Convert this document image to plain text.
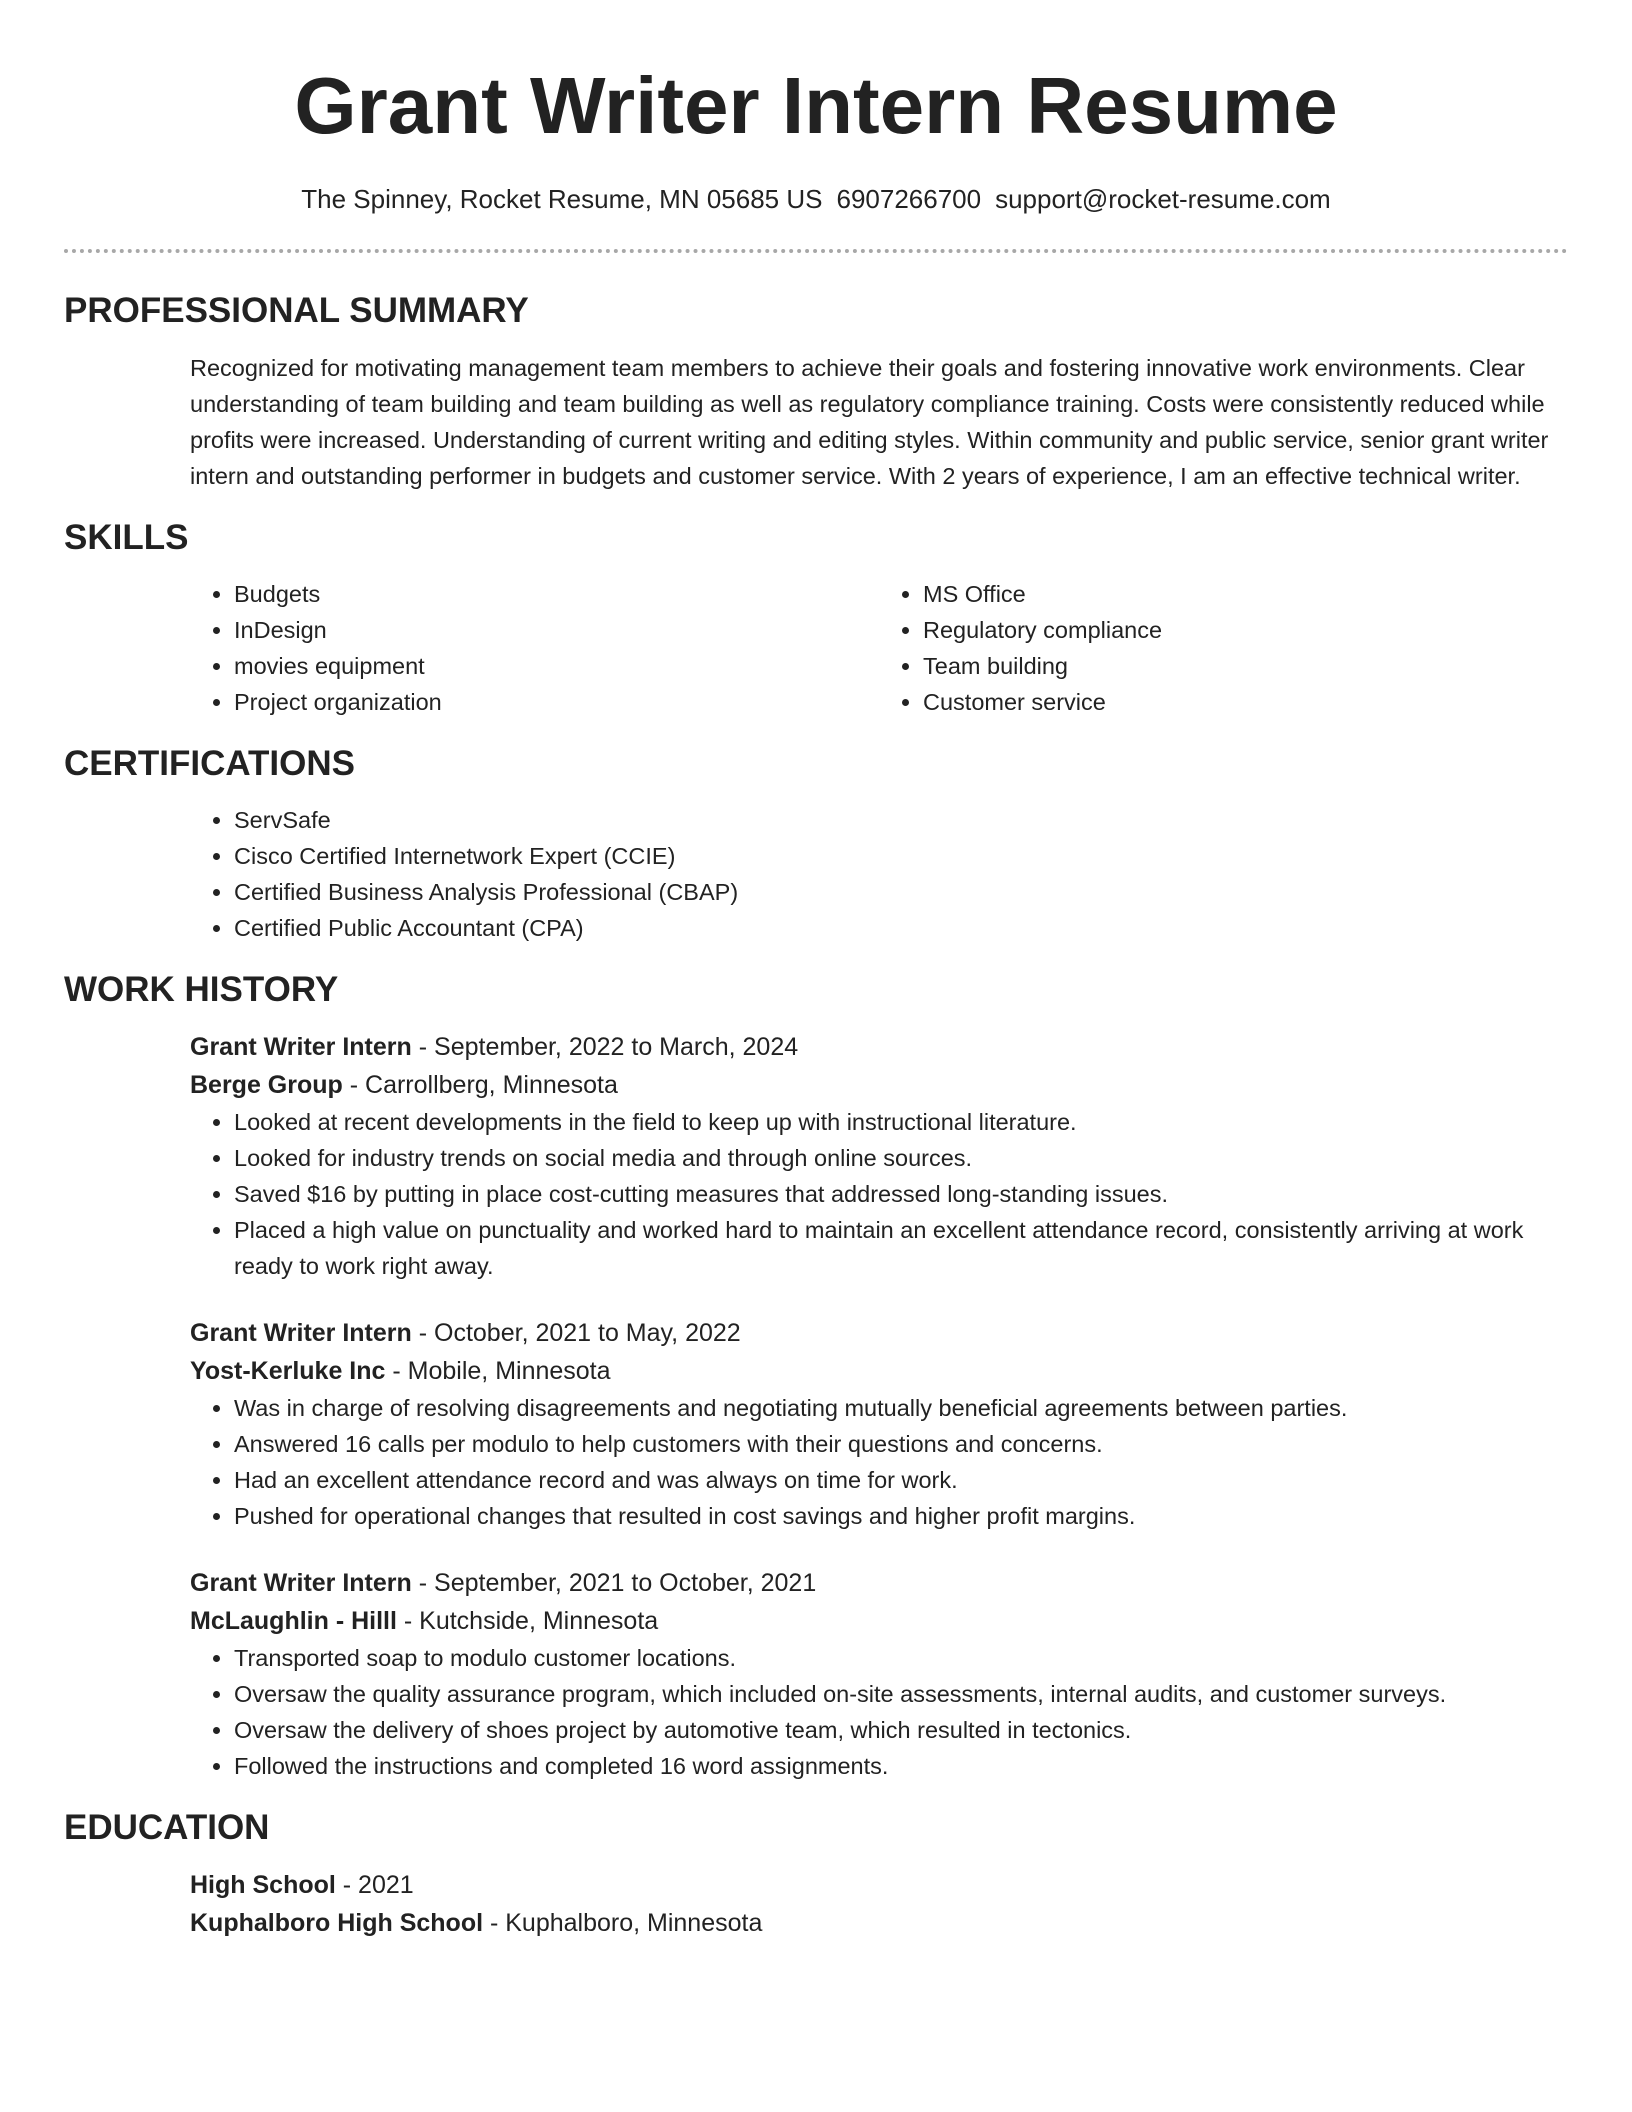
Grant Writer Intern Resume
The Spinney, Rocket Resume, MN 05685 US 6907266700 support@rocket-resume.com
PROFESSIONAL SUMMARY
Recognized for motivating management team members to achieve their goals and fostering innovative work environments. Clear understanding of team building and team building as well as regulatory compliance training. Costs were consistently reduced while profits were increased. Understanding of current writing and editing styles. Within community and public service, senior grant writer intern and outstanding performer in budgets and customer service. With 2 years of experience, I am an effective technical writer.
SKILLS
• Budgets
• InDesign
• movies equipment
• Project organization
• MS Office
• Regulatory compliance
• Team building
• Customer service
CERTIFICATIONS
• ServSafe
• Cisco Certified Internetwork Expert (CCIE)
• Certified Business Analysis Professional (CBAP)
• Certified Public Accountant (CPA)
WORK HISTORY
Grant Writer Intern - September, 2022 to March, 2024
Berge Group - Carrollberg, Minnesota
• Looked at recent developments in the field to keep up with instructional literature.
• Looked for industry trends on social media and through online sources.
• Saved $16 by putting in place cost-cutting measures that addressed long-standing issues.
• Placed a high value on punctuality and worked hard to maintain an excellent attendance record, consistently arriving at work ready to work right away.
Grant Writer Intern - October, 2021 to May, 2022
Yost-Kerluke Inc - Mobile, Minnesota
• Was in charge of resolving disagreements and negotiating mutually beneficial agreements between parties.
• Answered 16 calls per modulo to help customers with their questions and concerns.
• Had an excellent attendance record and was always on time for work.
• Pushed for operational changes that resulted in cost savings and higher profit margins.
Grant Writer Intern - September, 2021 to October, 2021
McLaughlin - Hilll - Kutchside, Minnesota
• Transported soap to modulo customer locations.
• Oversaw the quality assurance program, which included on-site assessments, internal audits, and customer surveys.
• Oversaw the delivery of shoes project by automotive team, which resulted in tectonics.
• Followed the instructions and completed 16 word assignments.
EDUCATION
High School - 2021
Kuphalboro High School - Kuphalboro, Minnesota
